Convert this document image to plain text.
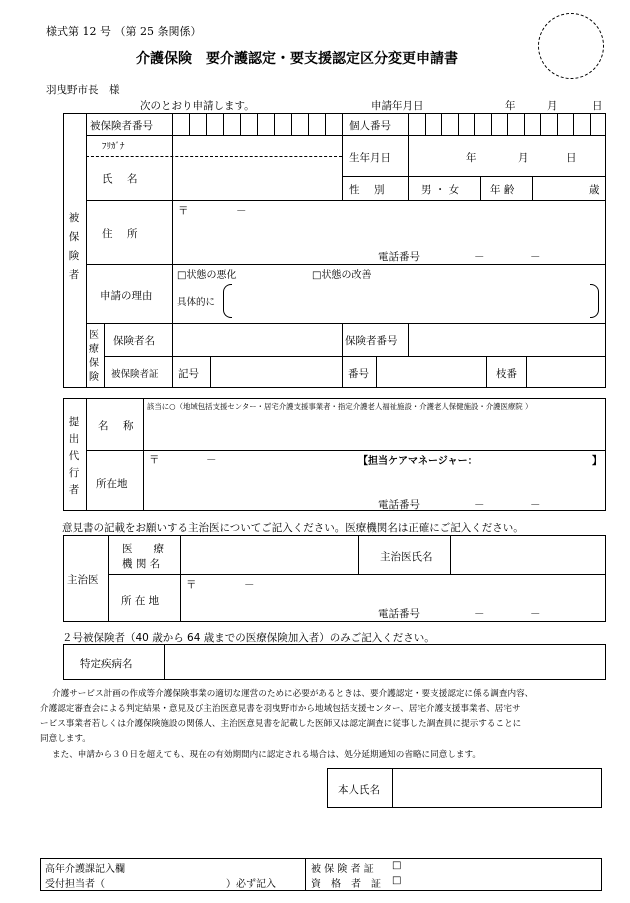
様式第 12 号 （第 25 条関係）
介護保険　要介護認定・要支援認定区分変更申請書
羽曳野市長　様
次のとおり申請します。	申請年月日	年	月	日
被
保
険
者
被保険者番号	個人番号
ﾌﾘｶﾞﾅ
氏　名
生年月日	年	月	日
性　別	男 ・ 女	年 齢	歳
住　所
〒	－
電話番号	－	－
申請の理由
□状態の悪化	□状態の改善
具体的に
医
療
保
険
保険者名	保険者番号
被保険者証 記号	番号	枝番
提
出
代
行
者
名　称
該当に○（地域包括支援センター・居宅介護支援事業者・指定介護老人福祉施設・介護老人保健施設・介護医療院 ）
所在地
〒	－	【担当ケアマネージャー：	】
電話番号	－	－
意見書の記載をお願いする主治医についてご記入ください。医療機関名は正確にご記入ください。
主治医
医　　療
機 関 名
主治医氏名
所 在 地
〒	－
電話番号	－	－
２号被保険者（40 歳から 64 歳までの医療保険加入者）のみご記入ください。
特定疾病名
介護サービス計画の作成等介護保険事業の適切な運営のために必要があるときは、要介護認定・要支援認定に係る調査内容、
介護認定審査会による判定結果・意見及び主治医意見書を羽曳野市から地域包括支援センター、居宅介護支援事業者、居宅サ
ービス事業者若しくは介護保険施設の関係人、主治医意見書を記載した医師又は認定調査に従事した調査員に提示することに
同意します。
また、申請から３０日を超えても、現在の有効期間内に認定される場合は、処分延期通知の省略に同意します。
本人氏名
高年介護課記入欄
受付担当者（	）必ず記入
被 保 険 者 証 □
資　格　者　証 □
